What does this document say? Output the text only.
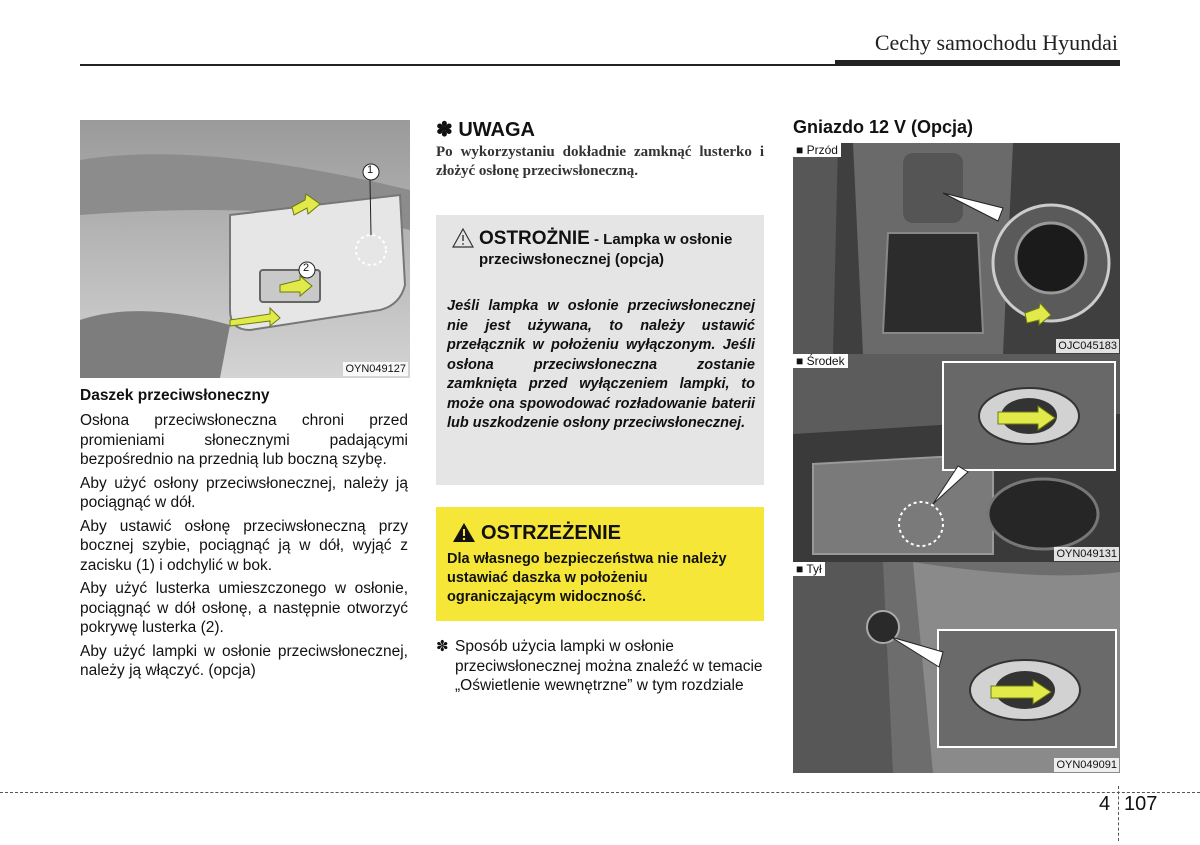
Cechy samochodu Hyundai
1
2
OYN049127
Daszek przeciwsłoneczny

Osłona przeciwsłoneczna chroni przed promieniami słonecznymi padającymi bezpośrednio na przednią lub boczną szybę.

Aby użyć osłony przeciwsłonecznej, należy ją pociągnąć w dół.

Aby ustawić osłonę przeciwsłoneczną przy bocznej szybie, pociągnąć ją w dół, wyjąć z zacisku (1) i odchylić w bok.

Aby użyć lusterka umieszczonego w osłonie, pociągnąć w dół osłonę, a następnie otworzyć pokrywę lusterka (2).

Aby użyć lampki w osłonie przeciwsłonecznej, należy ją włączyć. (opcja)

✽ UWAGA
Po wykorzystaniu dokładnie zamknąć lusterko i złożyć osłonę przeciwsłoneczną.
OSTROŻNIE - Lampka w osłonie przeciwsłonecznej (opcja)
Jeśli lampka w osłonie przeciwsłonecznej nie jest używana, to należy ustawić przełącznik w położeniu wyłączonym. Jeśli osłona przeciwsłoneczna zostanie zamknięta przed wyłączeniem lampki, to może ona spowodować rozładowanie baterii lub uszkodzenie osłony przeciwsłonecznej.
OSTRZEŻENIE
Dla własnego bezpieczeństwa nie należy ustawiać daszka w położeniu ograniczającym widoczność.
✽ Sposób użycia lampki w osłonie przeciwsłonecznej można znaleźć w temacie „Oświetlenie wewnętrzne” w tym rozdziale
Gniazdo 12 V (Opcja)
■ Przód
OJC045183
■ Środek
OYN049131
■ Tył
OYN049091
4 107
